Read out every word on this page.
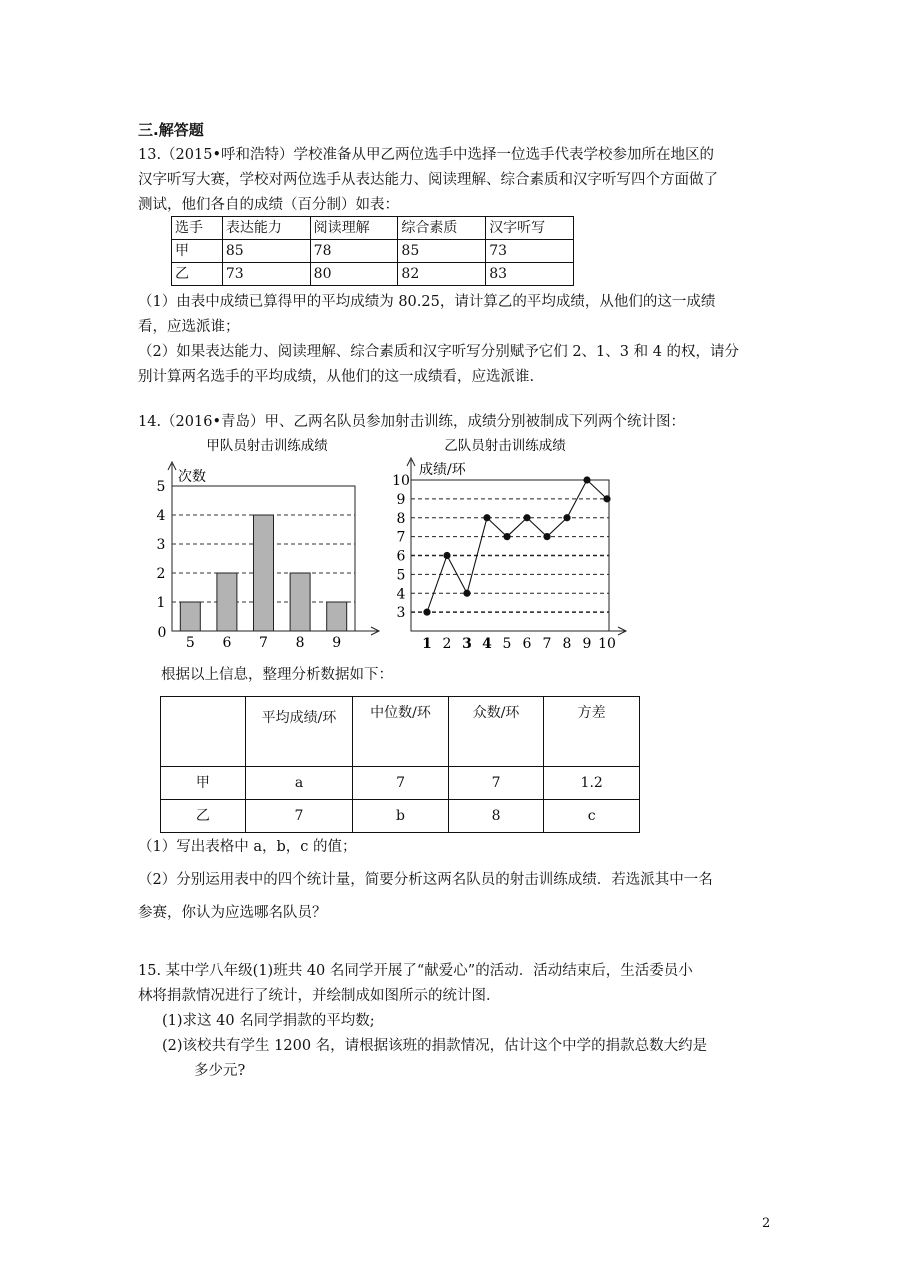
三.解答题
13.（2015•呼和浩特）学校准备从甲乙两位选手中选择一位选手代表学校参加所在地区的
汉字听写大赛，学校对两位选手从表达能力、阅读理解、综合素质和汉字听写四个方面做了
测试，他们各自的成绩（百分制）如表：
选手	表达能力	阅读理解	综合素质	汉字听写
甲	85	78	85	73
乙	73	80	82	83
（1）由表中成绩已算得甲的平均成绩为 80.25，请计算乙的平均成绩，从他们的这一成绩
看，应选派谁；
（2）如果表达能力、阅读理解、综合素质和汉字听写分别赋予它们 2、1、3 和 4 的权，请分
别计算两名选手的平均成绩，从他们的这一成绩看，应选派谁.
14.（2016•青岛）甲、乙两名队员参加射击训练，成绩分别被制成下列两个统计图：
甲队员射击训练成绩
次数
0
1
2
3
4
5
5 6 7 8 9
乙队员射击训练成绩
成绩/环
3
4
5
6
7
8
9
10
1 2 3 4 5 6 7 8 9 10
根据以上信息，整理分析数据如下：
	平均成绩/环	中位数/环	众数/环	方差
甲	a	7	7	1.2
乙	7	b	8	c
（1）写出表格中 a，b，c 的值；
（2）分别运用表中的四个统计量，简要分析这两名队员的射击训练成绩．若选派其中一名
参赛，你认为应选哪名队员？
15. 某中学八年级(1)班共 40 名同学开展了“献爱心”的活动．活动结束后，生活委员小
林将捐款情况进行了统计，并绘制成如图所示的统计图．
(1)求这 40 名同学捐款的平均数;
(2)该校共有学生 1200 名，请根据该班的捐款情况，估计这个中学的捐款总数大约是
多少元?
2
